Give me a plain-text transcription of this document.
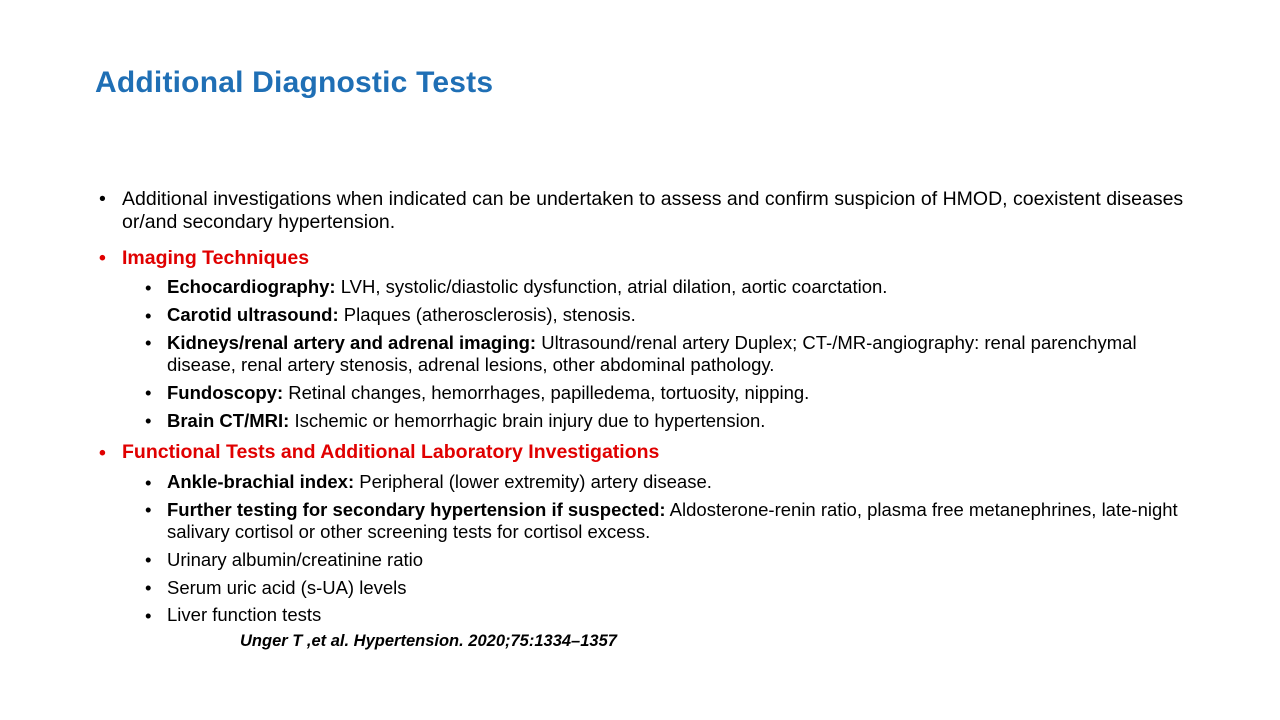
Additional Diagnostic Tests
• Additional investigations when indicated can be undertaken to assess and confirm suspicion of HMOD, coexistent diseases or/and secondary hypertension.
• Imaging Techniques
• Echocardiography: LVH, systolic/diastolic dysfunction, atrial dilation, aortic coarctation.
• Carotid ultrasound: Plaques (atherosclerosis), stenosis.
• Kidneys/renal artery and adrenal imaging: Ultrasound/renal artery Duplex; CT-/MR-angiography: renal parenchymal disease, renal artery stenosis, adrenal lesions, other abdominal pathology.
• Fundoscopy: Retinal changes, hemorrhages, papilledema, tortuosity, nipping.
• Brain CT/MRI: Ischemic or hemorrhagic brain injury due to hypertension.
• Functional Tests and Additional Laboratory Investigations
• Ankle-brachial index: Peripheral (lower extremity) artery disease.
• Further testing for secondary hypertension if suspected: Aldosterone-renin ratio, plasma free metanephrines, late-night salivary cortisol or other screening tests for cortisol excess.
• Urinary albumin/creatinine ratio
• Serum uric acid (s-UA) levels
• Liver function tests
Unger T ,et al. Hypertension. 2020;75:1334–1357
